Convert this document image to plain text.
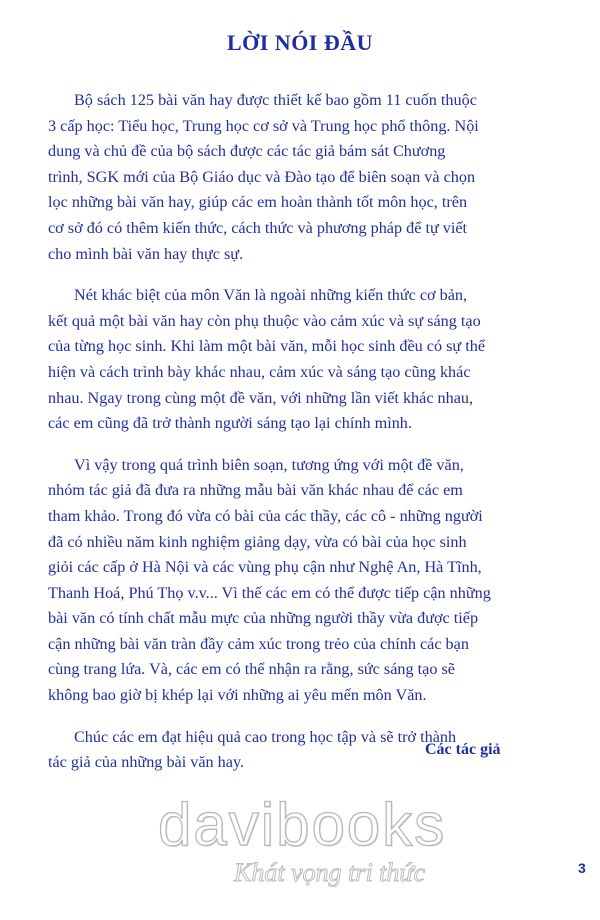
LỜI NÓI ĐẦU

Bộ sách 125 bài văn hay được thiết kế bao gồm 11 cuốn thuộc
3 cấp học: Tiểu học, Trung học cơ sở và Trung học phổ thông. Nội
dung và chủ đề của bộ sách được các tác giả bám sát Chương
trình, SGK mới của Bộ Giáo dục và Đào tạo để biên soạn và chọn
lọc những bài văn hay, giúp các em hoàn thành tốt môn học, trên
cơ sở đó có thêm kiến thức, cách thức và phương pháp để tự viết
cho mình bài văn hay thực sự.

Nét khác biệt của môn Văn là ngoài những kiến thức cơ bản,
kết quả một bài văn hay còn phụ thuộc vào cảm xúc và sự sáng tạo
của từng học sinh. Khi làm một bài văn, mỗi học sinh đều có sự thể
hiện và cách trình bày khác nhau, cảm xúc và sáng tạo cũng khác
nhau. Ngay trong cùng một đề văn, với những lần viết khác nhau,
các em cũng đã trở thành người sáng tạo lại chính mình.

Vì vậy trong quá trình biên soạn, tương ứng với một đề văn,
nhóm tác giả đã đưa ra những mẫu bài văn khác nhau để các em
tham khảo. Trong đó vừa có bài của các thầy, các cô - những người
đã có nhiều năm kinh nghiệm giảng dạy, vừa có bài của học sinh
giỏi các cấp ở Hà Nội và các vùng phụ cận như Nghệ An, Hà Tĩnh,
Thanh Hoá, Phú Thọ v.v... Vì thế các em có thể được tiếp cận những
bài văn có tính chất mẫu mực của những người thầy vừa được tiếp
cận những bài văn tràn đầy cảm xúc trong trẻo của chính các bạn
cùng trang lứa. Và, các em có thể nhận ra rằng, sức sáng tạo sẽ
không bao giờ bị khép lại với những ai yêu mến môn Văn.

Chúc các em đạt hiệu quả cao trong học tập và sẽ trở thành
tác giả của những bài văn hay.

Các tác giả
davibooks
Khát vọng tri thức	3
